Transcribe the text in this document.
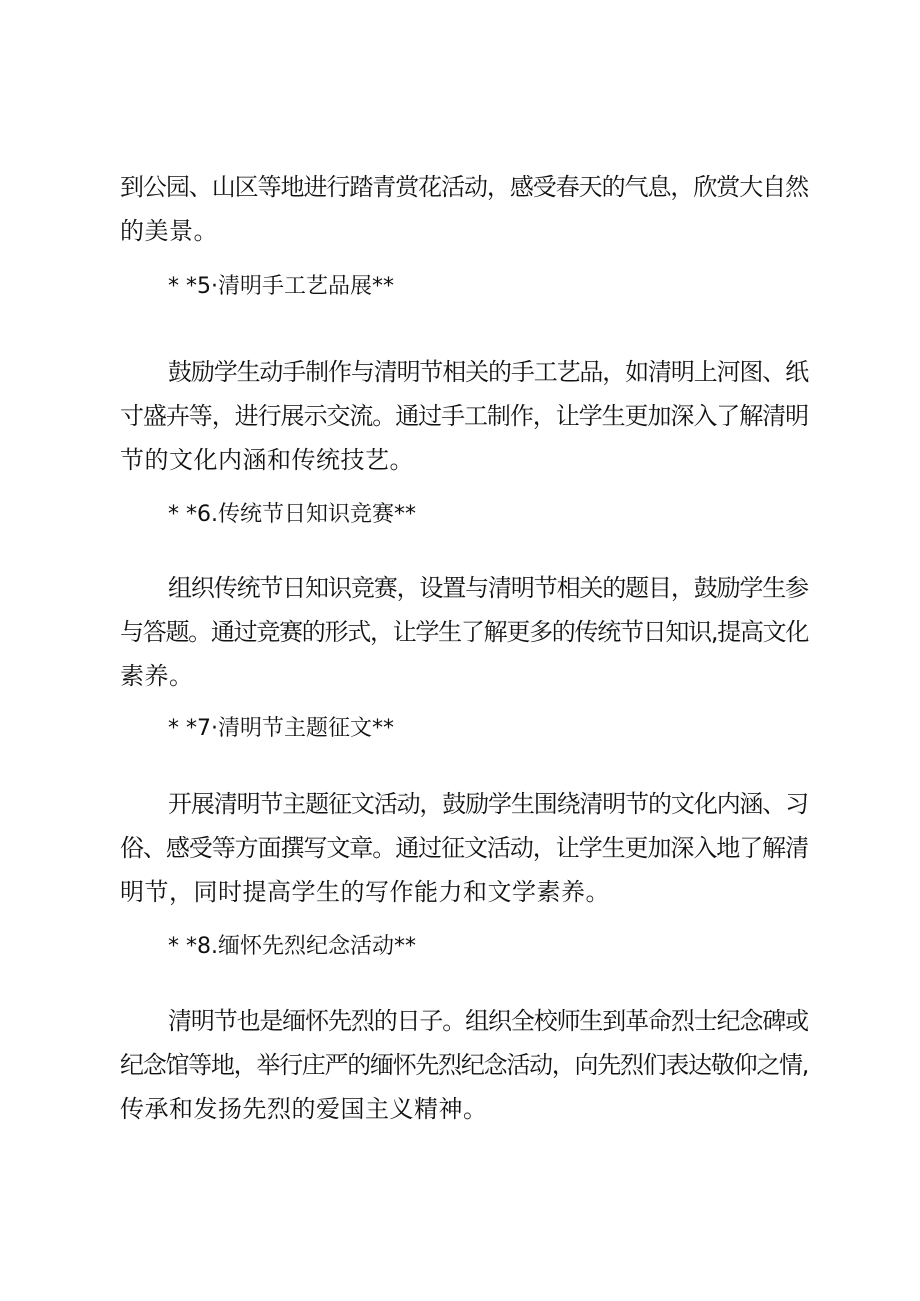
到公园、山区等地进行踏青赏花活动，感受春天的气息，欣赏大自然
的美景。
* *5·清明手工艺品展**
鼓励学生动手制作与清明节相关的手工艺品，如清明上河图、纸
寸盛卉等，进行展示交流。通过手工制作，让学生更加深入了解清明
节的文化内涵和传统技艺。
* *6.传统节日知识竞赛**
组织传统节日知识竞赛，设置与清明节相关的题目，鼓励学生参
与答题。通过竞赛的形式，让学生了解更多的传统节日知识,提高文化
素养。
* *7·清明节主题征文**
开展清明节主题征文活动，鼓励学生围绕清明节的文化内涵、习
俗、感受等方面撰写文章。通过征文活动，让学生更加深入地了解清
明节，同时提高学生的写作能力和文学素养。
* *8.缅怀先烈纪念活动**
清明节也是缅怀先烈的日子。组织全校师生到革命烈士纪念碑或
纪念馆等地，举行庄严的缅怀先烈纪念活动，向先烈们表达敬仰之情,
传承和发扬先烈的爱国主义精神。
